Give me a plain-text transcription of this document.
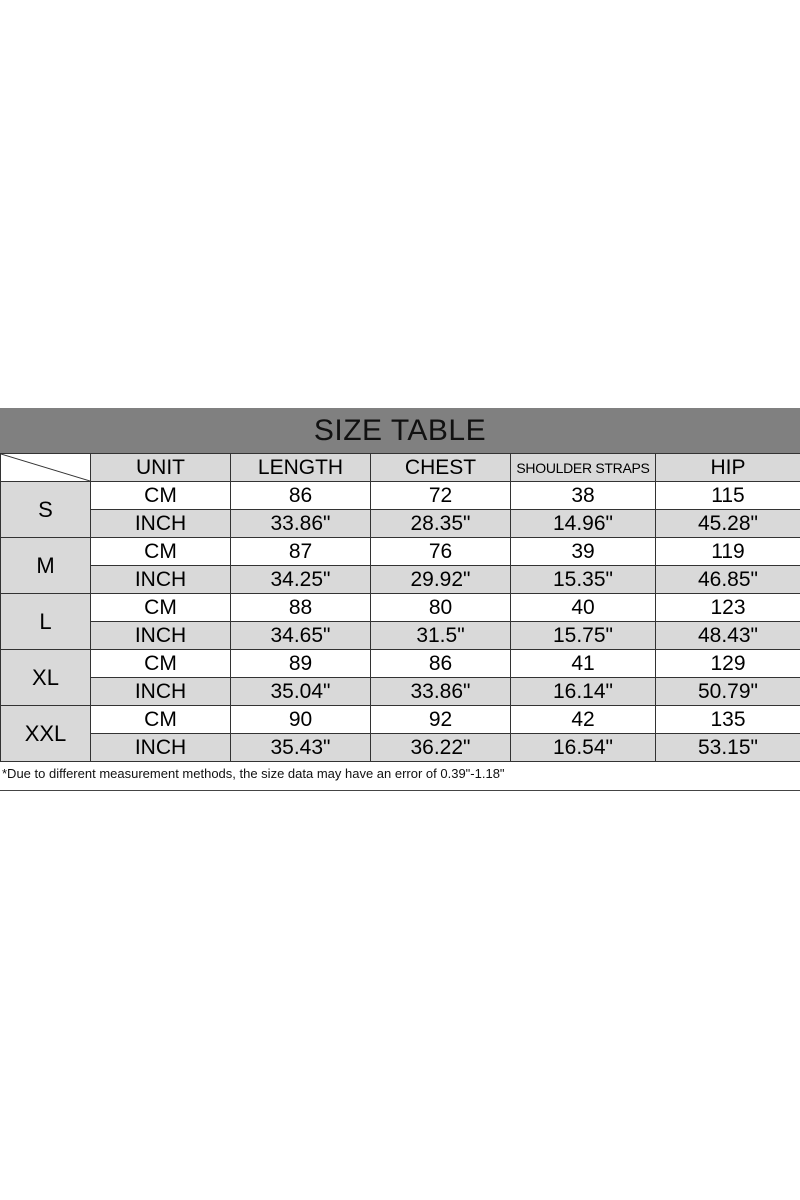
SIZE TABLE
	UNIT	LENGTH	CHEST	SHOULDER STRAPS	HIP
S	CM	86	72	38	115
	INCH	33.86"	28.35"	14.96"	45.28"
M	CM	87	76	39	119
	INCH	34.25"	29.92"	15.35"	46.85"
L	CM	88	80	40	123
	INCH	34.65"	31.5"	15.75"	48.43"
XL	CM	89	86	41	129
	INCH	35.04"	33.86"	16.14"	50.79"
XXL	CM	90	92	42	135
	INCH	35.43"	36.22"	16.54"	53.15"
*Due to different measurement methods, the size data may have an error of 0.39"-1.18"
